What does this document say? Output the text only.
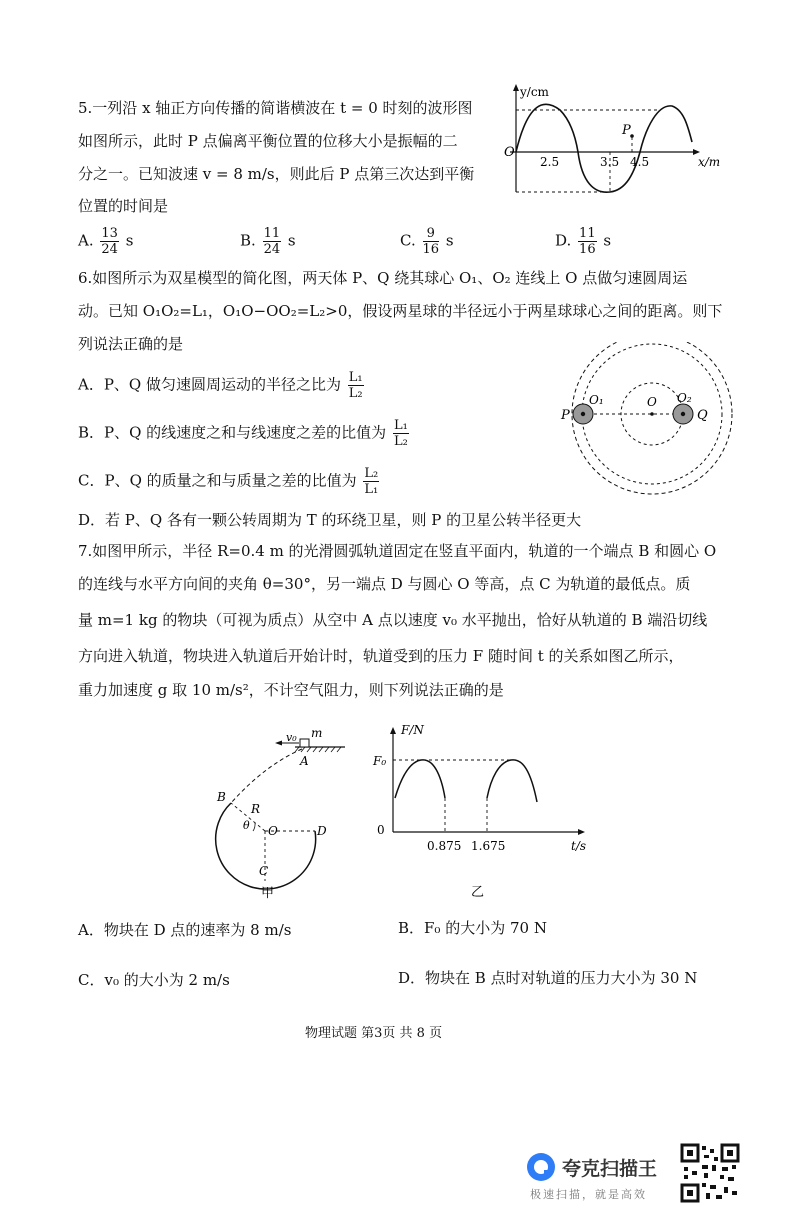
5.一列沿 x 轴正方向传播的简谐横波在 t = 0 时刻的波形图
如图所示，此时 P 点偏离平衡位置的位移大小是振幅的二
分之一。已知波速 v = 8 m/s，则此后 P 点第三次达到平衡
位置的时间是
A. $\frac{13}{24}$ s	B. $\frac{11}{24}$ s	C. $\frac{9}{16}$ s	D. $\frac{11}{16}$ s
y/cm
x/m
O
P
2.5	3.5 4.5
6.如图所示为双星模型的简化图，两天体 P、Q 绕其球心 O₁、O₂ 连线上 O 点做匀速圆周运
动。已知 O₁O₂=L₁，O₁O−OO₂=L₂>0，假设两星球的半径远小于两星球球心之间的距离。则下
列说法正确的是
A．P、Q 做匀速圆周运动的半径之比为 $\frac{\text{L₁}}{\text{L₂}}$
B．P、Q 的线速度之和与线速度之差的比值为 $\frac{\text{L₁}}{\text{L₂}}$
C．P、Q 的质量之和与质量之差的比值为 $\frac{\text{L₂}}{\text{L₁}}$
D．若 P、Q 各有一颗公转周期为 T 的环绕卫星，则 P 的卫星公转半径更大
P	Q
O₁	O O₂
7.如图甲所示，半径 R=0.4 m 的光滑圆弧轨道固定在竖直平面内，轨道的一个端点 B 和圆心 O
的连线与水平方向间的夹角 θ=30°，另一端点 D 与圆心 O 等高，点 C 为轨道的最低点。质
量 m=1 kg 的物块（可视为质点）从空中 A 点以速度 v₀ 水平抛出，恰好从轨道的 B 端沿切线
方向进入轨道，物块进入轨道后开始计时，轨道受到的压力 F 随时间 t 的关系如图乙所示，
重力加速度 g 取 10 m/s²，不计空气阻力，则下列说法正确的是
v₀ m
A
B
R
θ O	D
C
甲
F/N
F₀
0
0.875 1.675	t/s
乙
A．物块在 D 点的速率为 8 m/s	B．F₀ 的大小为 70 N
C．v₀ 的大小为 2 m/s	D．物块在 B 点时对轨道的压力大小为 30 N
物理试题 第3页 共 8 页
夸克扫描王
极速扫描，就是高效
